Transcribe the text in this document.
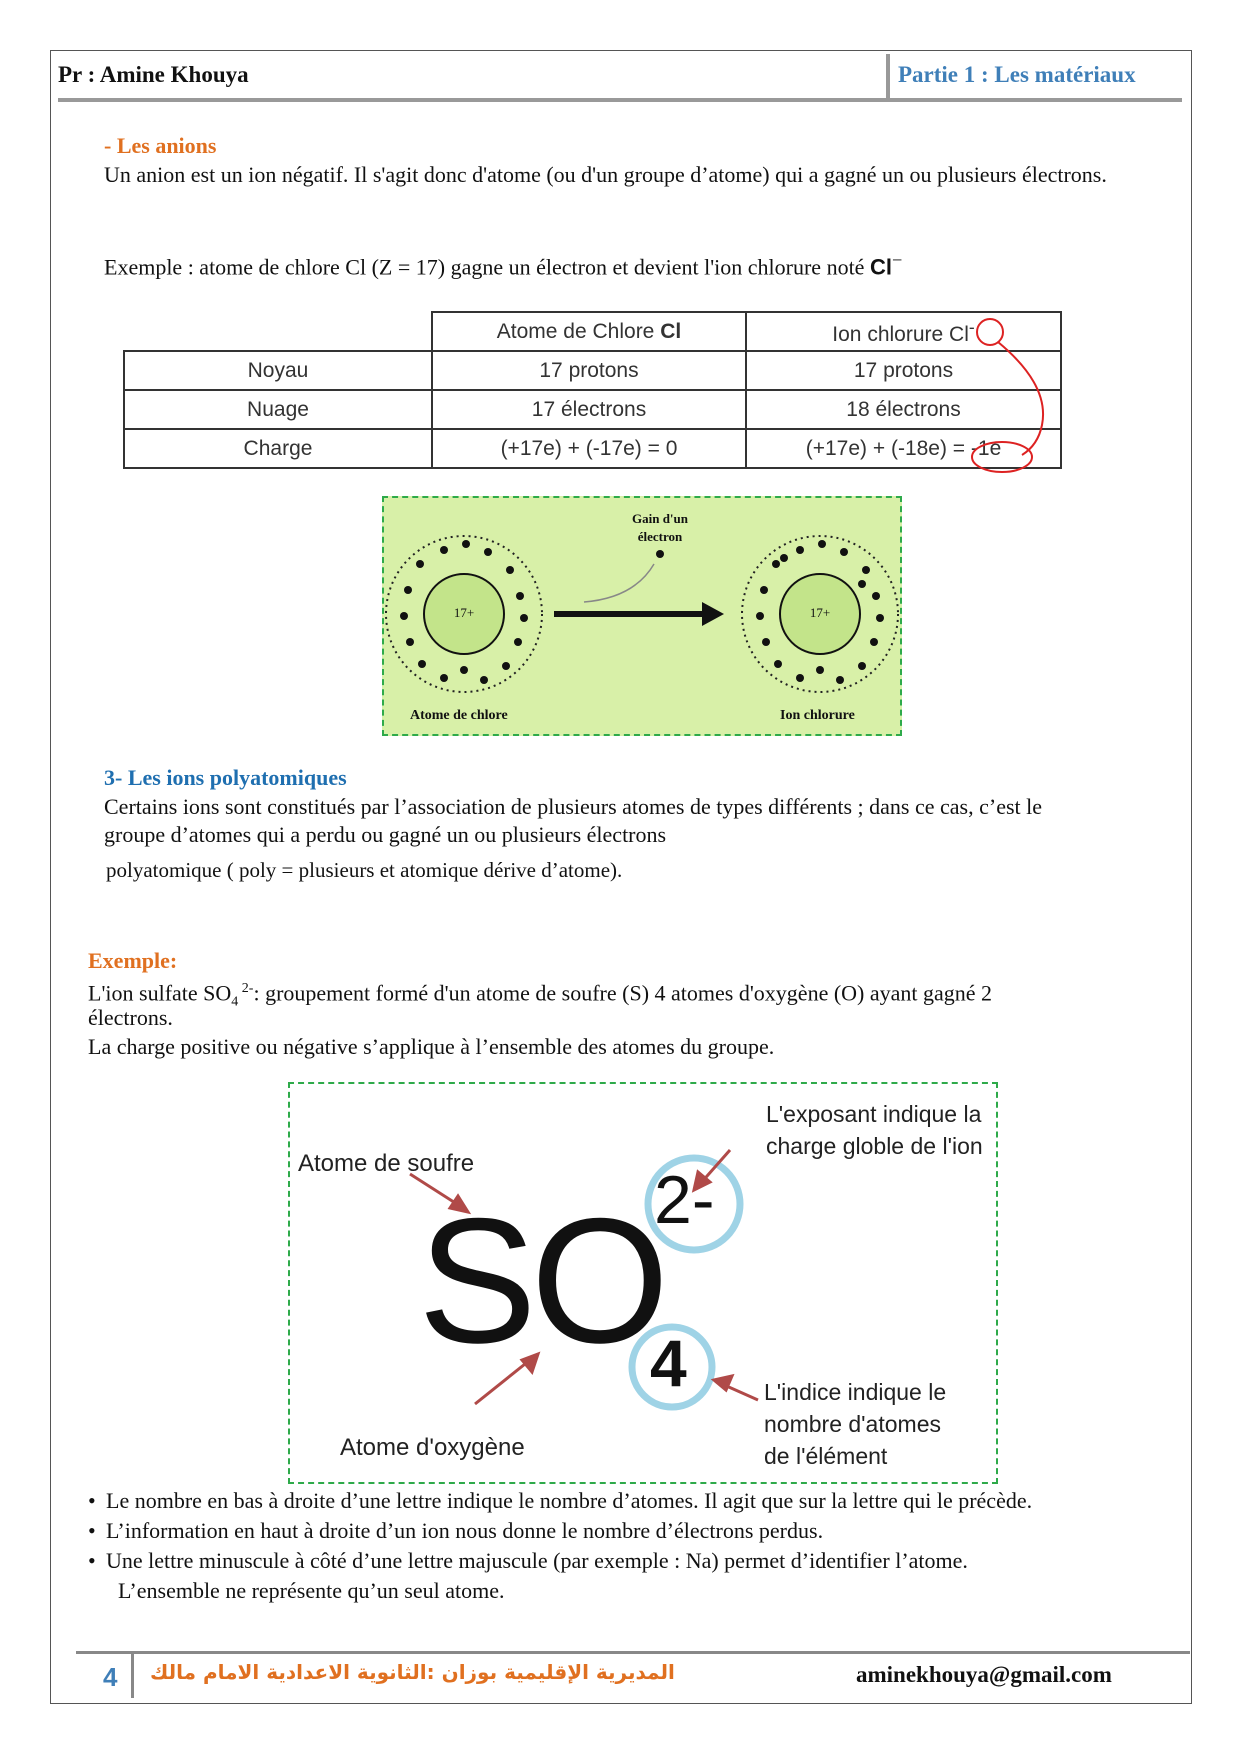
Pr : Amine Khouya	Partie 1 : Les matériaux
- Les anions
Un anion est un ion négatif. Il s'agit donc d'atome (ou d'un groupe d’atome) qui a gagné un ou plusieurs électrons.
Exemple : atome de chlore Cl (Z = 17) gagne un électron et devient l'ion chlorure noté Cl−
	Atome de Chlore Cl	Ion chlorure Cl-
Noyau	17 protons	17 protons
Nuage	17 électrons	18 électrons
Charge	(+17e) + (-17e) = 0	(+17e) + (-18e) = -1e
Gain d'un
électron
17+	17+
Atome de chlore	Ion chlorure
3- Les ions polyatomiques
Certains ions sont constitués par l’association de plusieurs atomes de types différents ; dans ce cas, c’est le
groupe d’atomes qui a perdu ou gagné un ou plusieurs électrons
polyatomique ( poly = plusieurs et atomique dérive d’atome).
Exemple:
L'ion sulfate $SO_4$ $^{2-}$: groupement formé d'un atome de soufre (S) 4 atomes d'oxygène (O) ayant gagné 2
électrons.
La charge positive ou négative s’applique à l’ensemble des atomes du groupe.
SO
2-
4
Atome de soufre
Atome d'oxygène
L'exposant indique la
charge globle de l'ion
L'indice indique le
nombre d'atomes
de l'élément
• Le nombre en bas à droite d’une lettre indique le nombre d’atomes. Il agit que sur la lettre qui le précède.
• L’information en haut à droite d’un ion nous donne le nombre d’électrons perdus.
• Une lettre minuscule à côté d’une lettre majuscule (par exemple : Na) permet d’identifier l’atome.
L’ensemble ne représente qu’un seul atome.
4 المديرية الإقليمية بوزان :الثانوية الاعدادية الامام مالك	aminekhouya@gmail.com
